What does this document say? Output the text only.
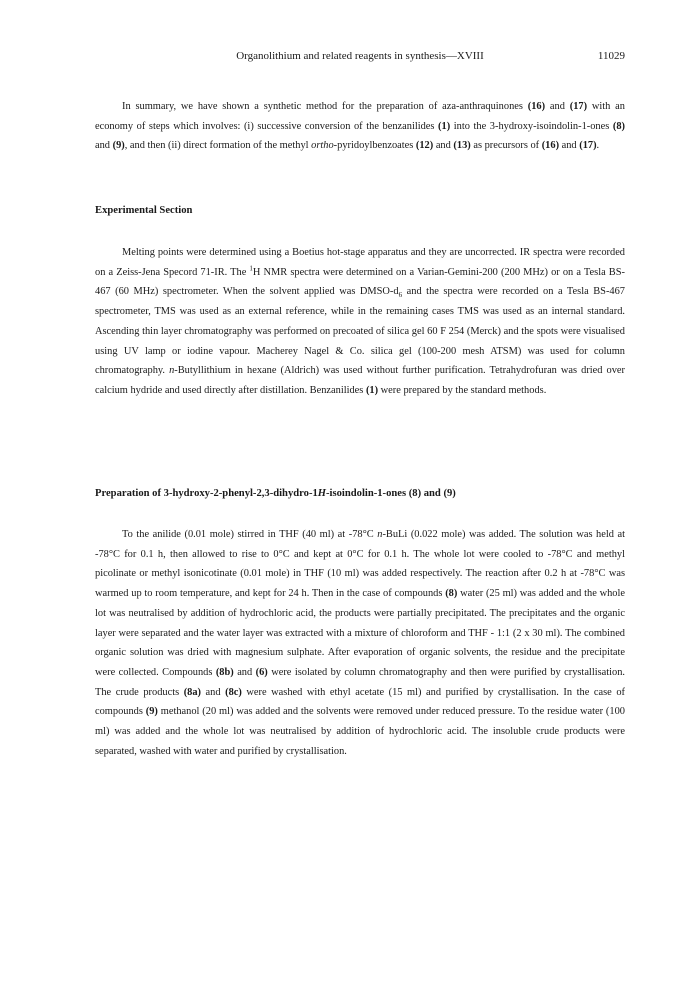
Organolithium and related reagents in synthesis—XVIII	11029

In summary, we have shown a synthetic method for the preparation of aza-anthraquinones (16) and (17) with an economy of steps which involves: (i) successive conversion of the benzanilides (1) into the 3-hydroxy-isoindolin-1-ones (8) and (9), and then (ii) direct formation of the methyl ortho-pyridoylbenzoates (12) and (13) as precursors of (16) and (17).

Experimental Section

Melting points were determined using a Boetius hot-stage apparatus and they are uncorrected. IR spectra were recorded on a Zeiss-Jena Specord 71-IR. The $^1$H NMR spectra were determined on a Varian-Gemini-200 (200 MHz) or on a Tesla BS-467 (60 MHz) spectrometer. When the solvent applied was DMSO-$d_6$ and the spectra were recorded on a Tesla BS-467 spectrometer, TMS was used as an external reference, while in the remaining cases TMS was used as an internal standard. Ascending thin layer chromatography was performed on precoated of silica gel 60 F 254 (Merck) and the spots were visualised using UV lamp or iodine vapour. Macherey Nagel & Co. silica gel (100-200 mesh ATSM) was used for column chromatography. n-Butyllithium in hexane (Aldrich) was used without further purification. Tetrahydrofuran was dried over calcium hydride and used directly after distillation. Benzanilides (1) were prepared by the standard methods.

Preparation of 3-hydroxy-2-phenyl-2,3-dihydro-1H-isoindolin-1-ones (8) and (9)

To the anilide (0.01 mole) stirred in THF (40 ml) at -78°C n-BuLi (0.022 mole) was added. The solution was held at -78°C for 0.1 h, then allowed to rise to 0°C and kept at 0°C for 0.1 h. The whole lot were cooled to -78°C and methyl picolinate or methyl isonicotinate (0.01 mole) in THF (10 ml) was added respectively. The reaction after 0.2 h at -78°C was warmed up to room temperature, and kept for 24 h. Then in the case of compounds (8) water (25 ml) was added and the whole lot was neutralised by addition of hydrochloric acid, the products were partially precipitated. The precipitates and the organic layer were separated and the water layer was extracted with a mixture of chloroform and THF - 1:1 (2 x 30 ml). The combined organic solution was dried with magnesium sulphate. After evaporation of organic solvents, the residue and the precipitate were collected. Compounds (8b) and (6) were isolated by column chromatography and then were purified by crystallisation. The crude products (8a) and (8c) were washed with ethyl acetate (15 ml) and purified by crystallisation. In the case of compounds (9) methanol (20 ml) was added and the solvents were removed under reduced pressure. To the residue water (100 ml) was added and the whole lot was neutralised by addition of hydrochloric acid. The insoluble crude products were separated, washed with water and purified by crystallisation.
